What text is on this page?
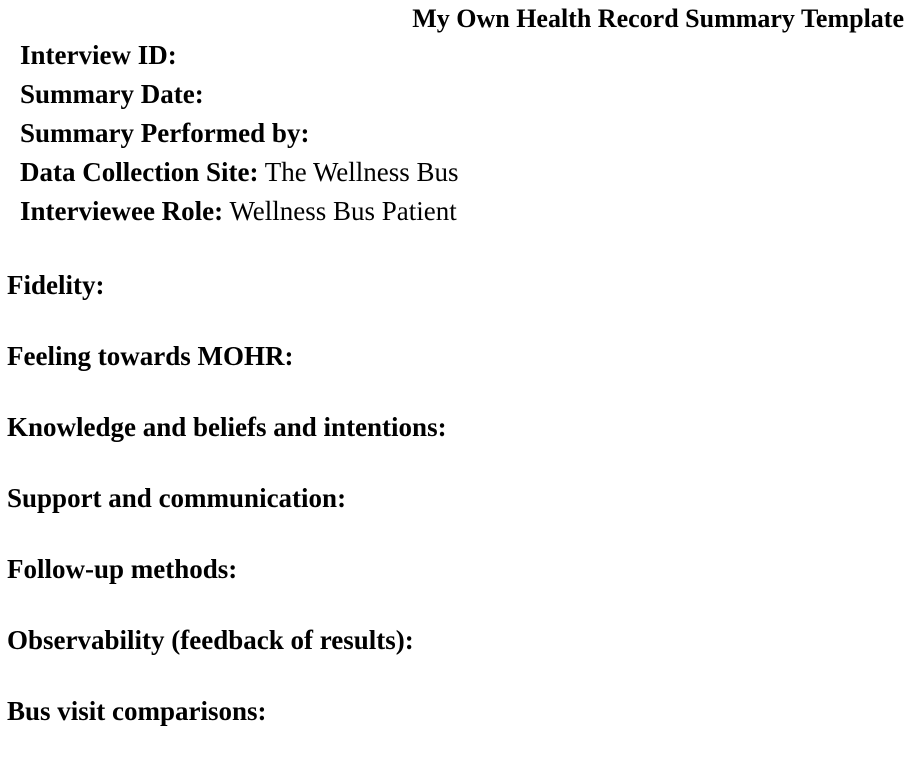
My Own Health Record Summary Template
Interview ID:
Summary Date:
Summary Performed by:
Data Collection Site: The Wellness Bus
Interviewee Role: Wellness Bus Patient
Fidelity:
Feeling towards MOHR:
Knowledge and beliefs and intentions:
Support and communication:
Follow-up methods:
Observability (feedback of results):
Bus visit comparisons:
